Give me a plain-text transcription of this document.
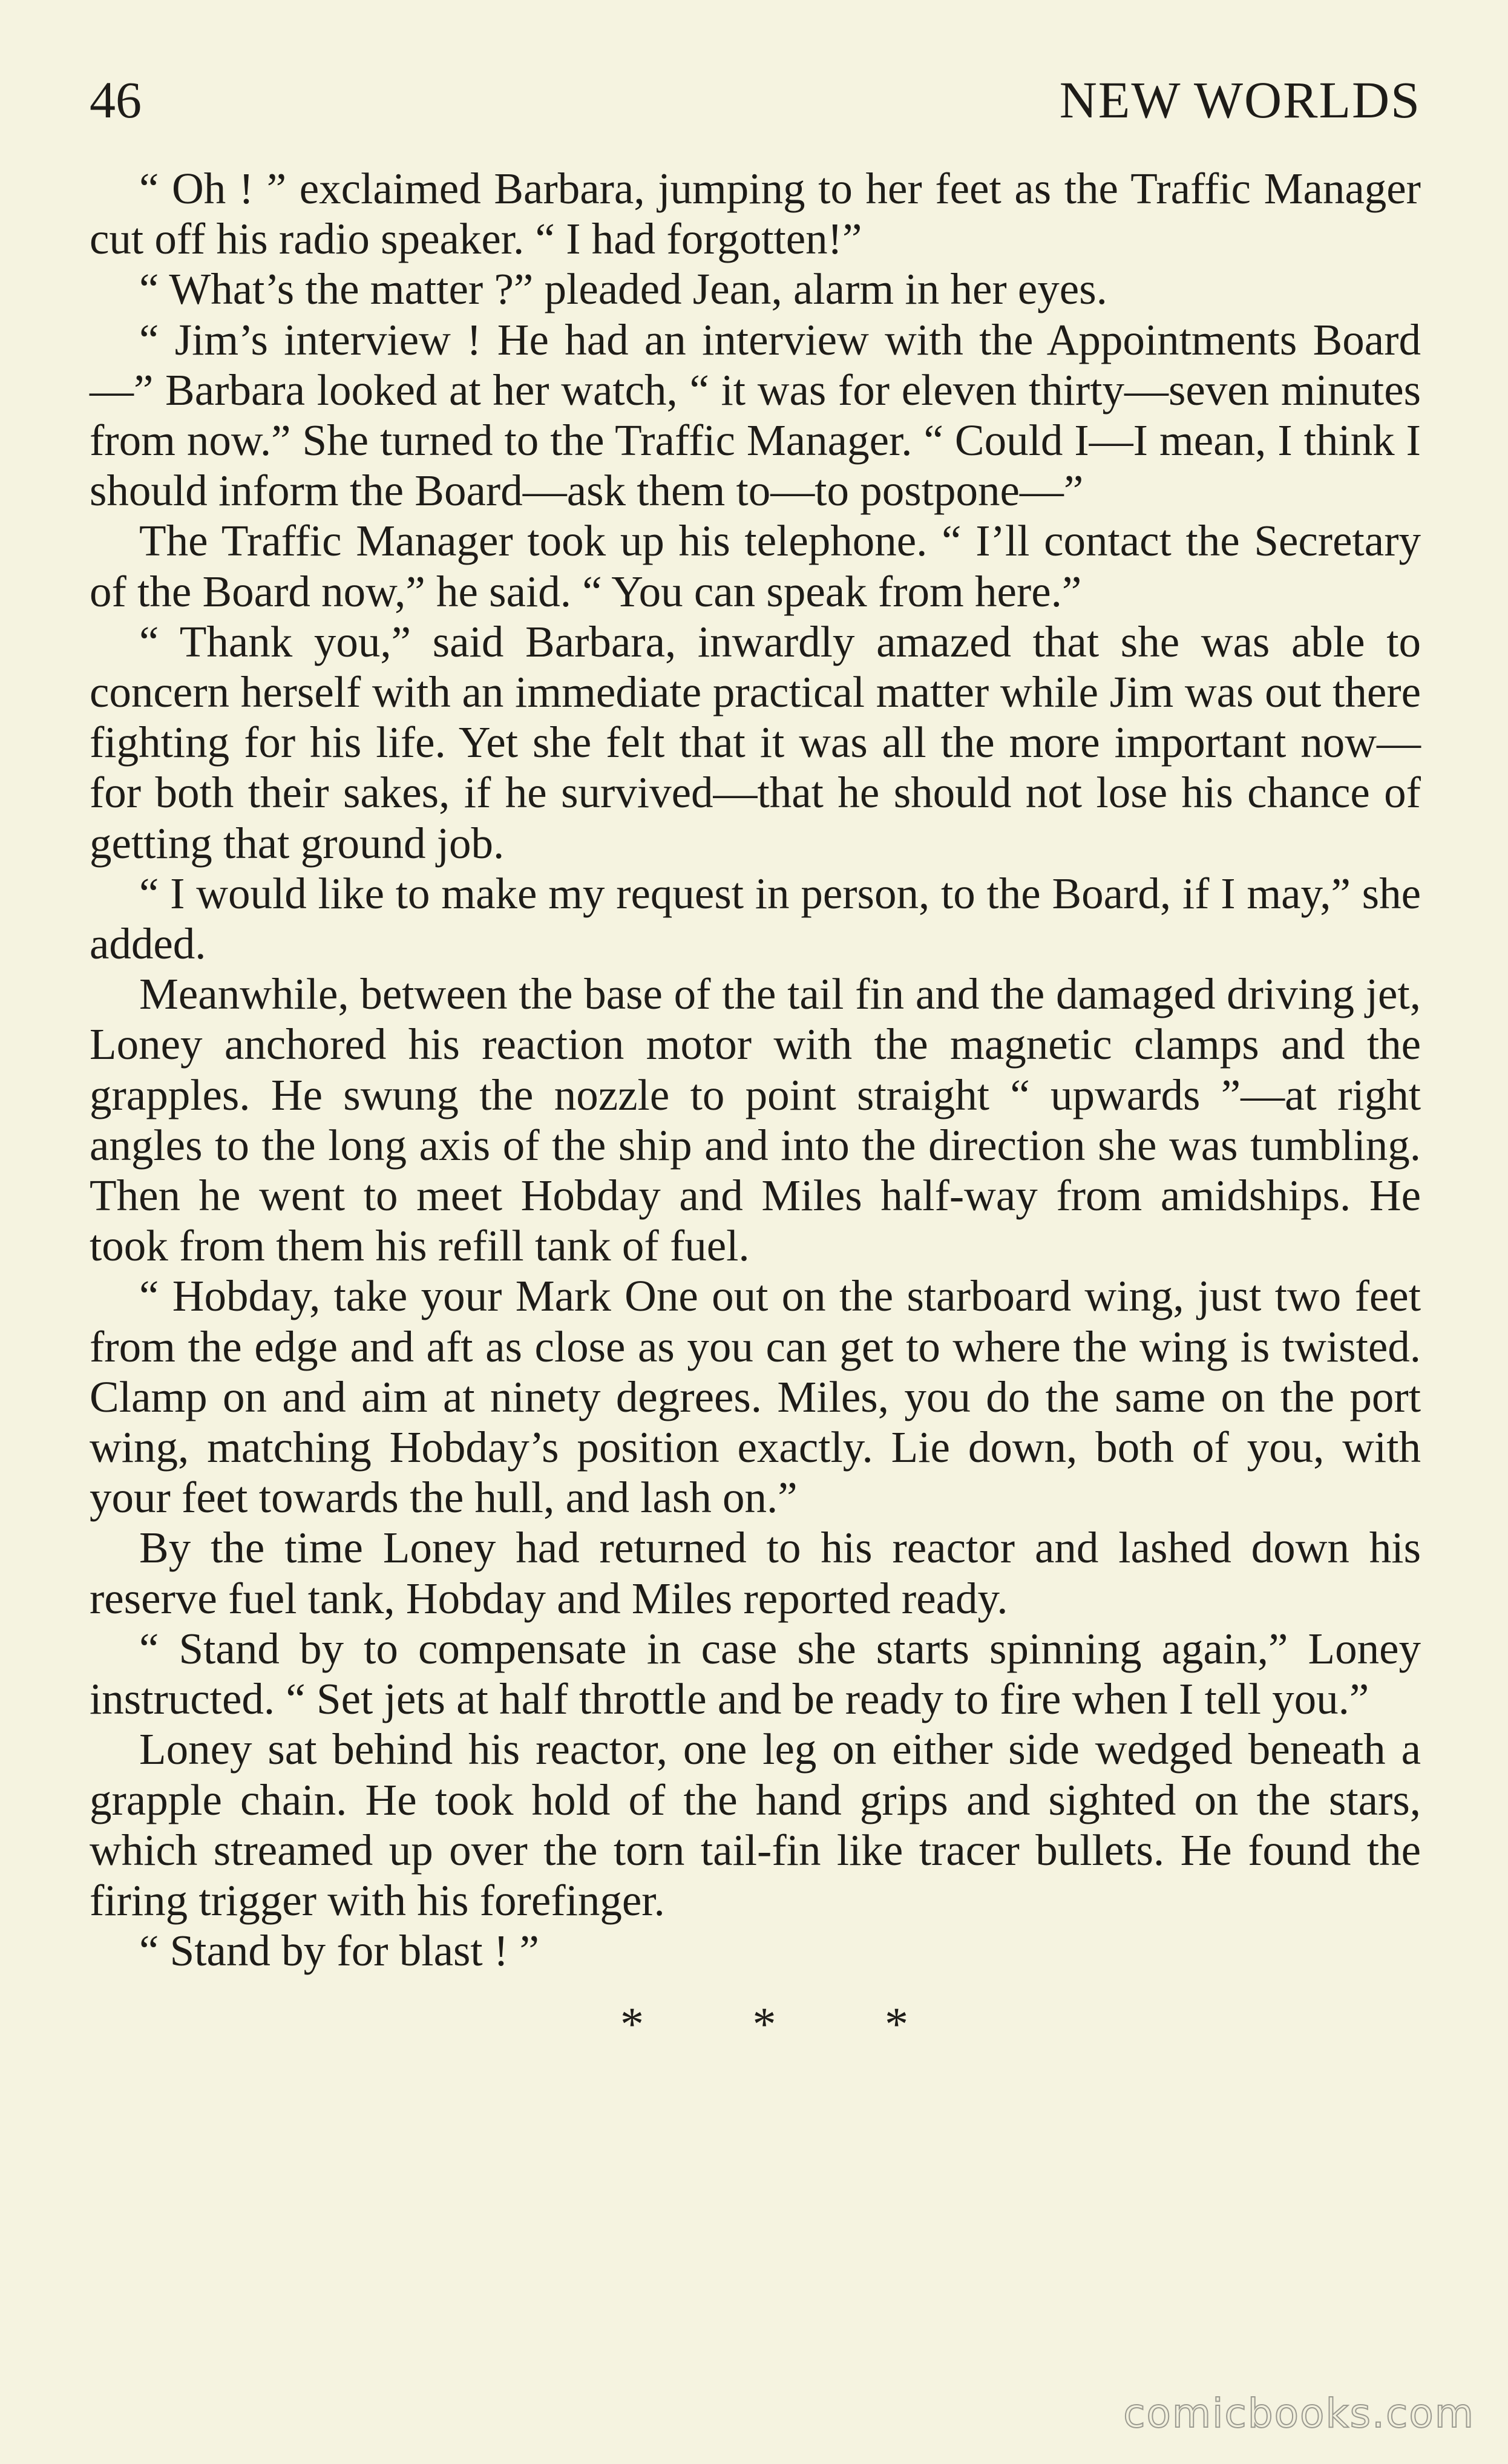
46	NEW WORLDS

“ Oh ! ” exclaimed Barbara, jumping to her feet as the Traffic Manager cut off his radio speaker. “ I had forgotten!”

“ What’s the matter ?” pleaded Jean, alarm in her eyes.

“ Jim’s interview ! He had an interview with the Appointments Board—” Barbara looked at her watch, “ it was for eleven thirty—seven minutes from now.” She turned to the Traffic Manager. “ Could I—I mean, I think I should inform the Board—ask them to—to postpone—”

The Traffic Manager took up his telephone. “ I’ll contact the Secretary of the Board now,” he said. “ You can speak from here.”

“ Thank you,” said Barbara, inwardly amazed that she was able to concern herself with an immediate practical matter while Jim was out there fighting for his life. Yet she felt that it was all the more important now—for both their sakes, if he survived—that he should not lose his chance of getting that ground job.

“ I would like to make my request in person, to the Board, if I may,” she added.

Meanwhile, between the base of the tail fin and the damaged driving jet, Loney anchored his reaction motor with the magnetic clamps and the grapples. He swung the nozzle to point straight “ upwards ”—at right angles to the long axis of the ship and into the direction she was tumbling. Then he went to meet Hobday and Miles half-way from amidships. He took from them his refill tank of fuel.

“ Hobday, take your Mark One out on the starboard wing, just two feet from the edge and aft as close as you can get to where the wing is twisted. Clamp on and aim at ninety degrees. Miles, you do the same on the port wing, matching Hobday’s position exactly. Lie down, both of you, with your feet towards the hull, and lash on.”

By the time Loney had returned to his reactor and lashed down his reserve fuel tank, Hobday and Miles reported ready.

“ Stand by to compensate in case she starts spinning again,” Loney instructed. “ Set jets at half throttle and be ready to fire when I tell you.”

Loney sat behind his reactor, one leg on either side wedged beneath a grapple chain. He took hold of the hand grips and sighted on the stars, which streamed up over the torn tail-fin like tracer bullets. He found the firing trigger with his forefinger.

“ Stand by for blast ! ”

* * *
comicbooks.com
